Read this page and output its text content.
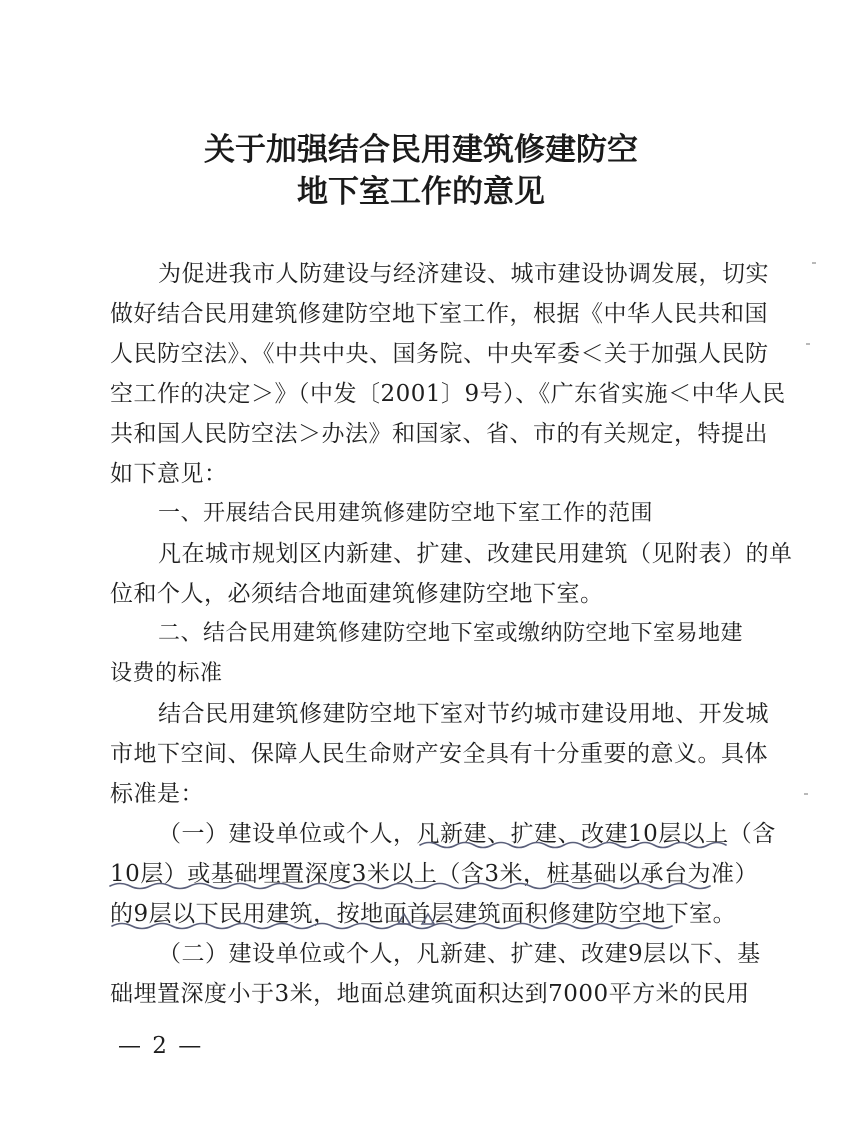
关于加强结合民用建筑修建防空
地下室工作的意见
为促进我市人防建设与经济建设、城市建设协调发展，切实
做好结合民用建筑修建防空地下室工作，根据《中华人民共和国
人民防空法》、《中共中央、国务院、中央军委＜关于加强人民防
空工作的决定＞》（中发〔2001〕9号）、《广东省实施＜中华人民
共和国人民防空法＞办法》和国家、省、市的有关规定，特提出
如下意见：
一、开展结合民用建筑修建防空地下室工作的范围
凡在城市规划区内新建、扩建、改建民用建筑（见附表）的单
位和个人，必须结合地面建筑修建防空地下室。
二、结合民用建筑修建防空地下室或缴纳防空地下室易地建
设费的标准
结合民用建筑修建防空地下室对节约城市建设用地、开发城
市地下空间、保障人民生命财产安全具有十分重要的意义。具体
标准是：
（一）建设单位或个人，凡新建、扩建、改建10层以上（含
10层）或基础埋置深度3米以上（含3米，桩基础以承台为准）
的9层以下民用建筑，按地面首层建筑面积修建防空地下室。
（二）建设单位或个人，凡新建、扩建、改建9层以下、基
础埋置深度小于3米，地面总建筑面积达到7000平方米的民用
— 2 —
